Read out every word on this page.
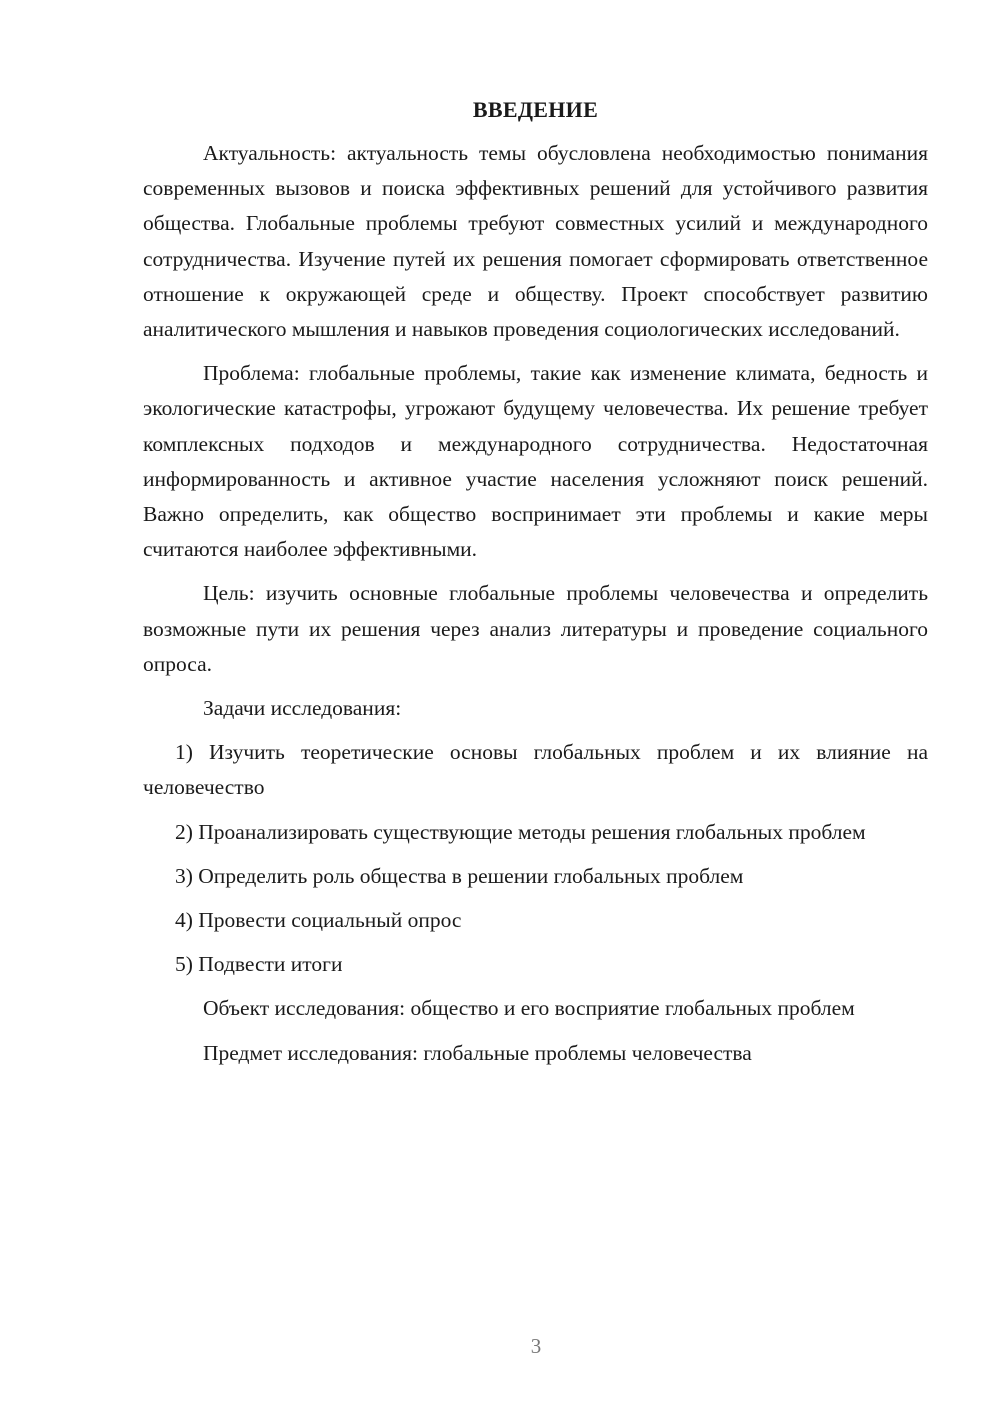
ВВЕДЕНИЕ

Актуальность: актуальность темы обусловлена необходимостью понимания современных вызовов и поиска эффективных решений для устойчивого развития общества. Глобальные проблемы требуют совместных усилий и международного сотрудничества. Изучение путей их решения помогает сформировать ответственное отношение к окружающей среде и обществу. Проект способствует развитию аналитического мышления и навыков проведения социологических исследований.

Проблема: глобальные проблемы, такие как изменение климата, бедность и экологические катастрофы, угрожают будущему человечества. Их решение требует комплексных подходов и международного сотрудничества. Недостаточная информированность и активное участие населения усложняют поиск решений. Важно определить, как общество воспринимает эти проблемы и какие меры считаются наиболее эффективными.

Цель: изучить основные глобальные проблемы человечества и определить возможные пути их решения через анализ литературы и проведение социального опроса.

Задачи исследования:

1) Изучить теоретические основы глобальных проблем и их влияние на человечество

2) Проанализировать существующие методы решения глобальных проблем

3) Определить роль общества в решении глобальных проблем

4) Провести социальный опрос

5) Подвести итоги

Объект исследования: общество и его восприятие глобальных проблем

Предмет исследования: глобальные проблемы человечества

3
